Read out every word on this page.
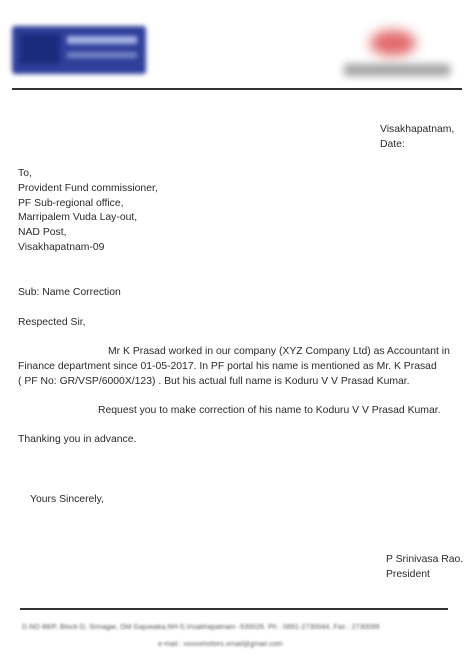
Visakhapatnam,
Date:
To,
Provident Fund commissioner,
PF Sub-regional office,
Marripalem Vuda Lay-out,
NAD Post,
Visakhapatnam-09
Sub: Name Correction
Respected Sir,
Mr K Prasad worked in our company (XYZ Company Ltd) as Accountant in
Finance department since 01-05-2017. In PF portal his name is mentioned as Mr. K Prasad
( PF No: GR/VSP/6000X/123) . But his actual full name is Koduru V V Prasad Kumar.
Request you to make correction of his name to Koduru V V Prasad Kumar.
Thanking you in advance.
Yours Sincerely,
P Srinivasa Rao.
President
D.NO 88/P, Block-D, Srinagar, Old Gajuwaka,NH-5,Visakhapatnam -530026. Ph : 0891-2730044, Fax : 2730099
e-mail : xxxxxmotors.xmail@gmail.com
